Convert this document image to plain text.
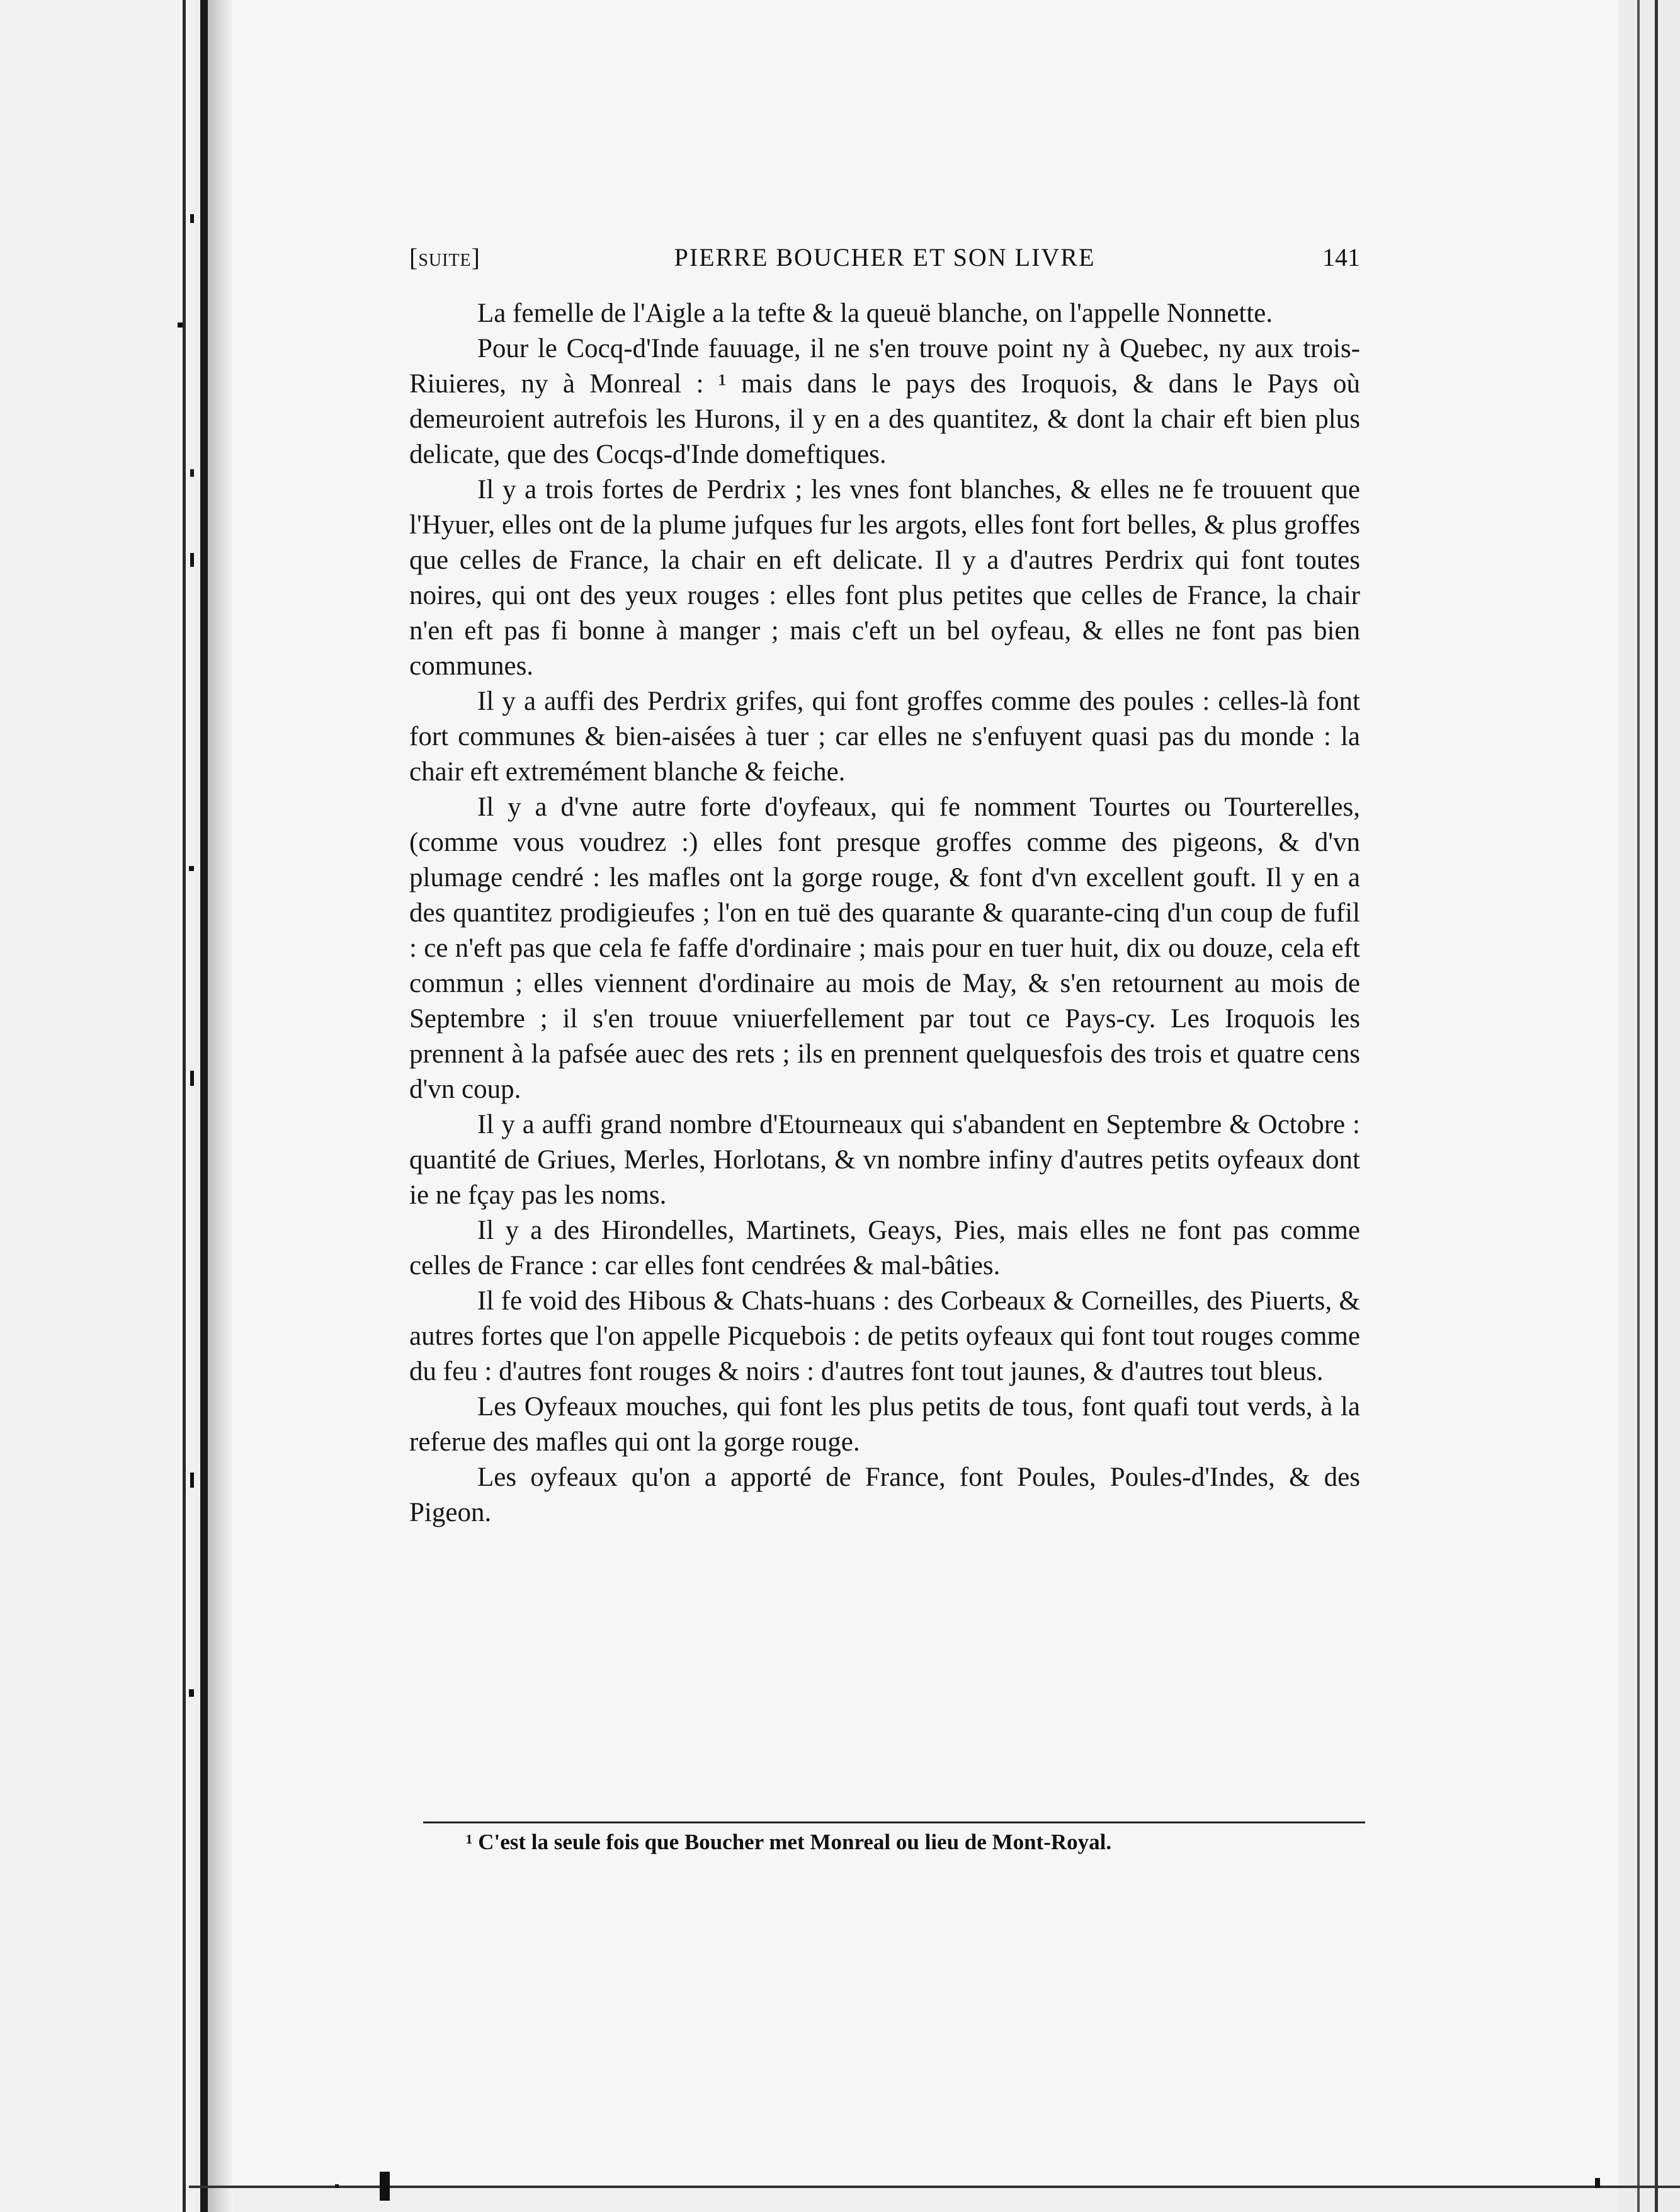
[suite]	PIERRE BOUCHER ET SON LIVRE	141

La femelle de l'Aigle a la tefte & la queuë blanche, on l'appelle Nonnette.

Pour le Cocq-d'Inde fauuage, il ne s'en trouve point ny à Quebec, ny aux trois-Riuieres, ny à Monreal : ¹ mais dans le pays des Iroquois, & dans le Pays où demeuroient autrefois les Hurons, il y en a des quantitez, & dont la chair eft bien plus delicate, que des Cocqs-d'Inde domeftiques.

Il y a trois fortes de Perdrix ; les vnes font blanches, & elles ne fe trouuent que l'Hyuer, elles ont de la plume jufques fur les argots, elles font fort belles, & plus groffes que celles de France, la chair en eft delicate. Il y a d'autres Perdrix qui font toutes noires, qui ont des yeux rouges : elles font plus petites que celles de France, la chair n'en eft pas fi bonne à manger ; mais c'eft un bel oyfeau, & elles ne font pas bien communes.

Il y a auffi des Perdrix grifes, qui font groffes comme des poules : celles-là font fort communes & bien-aisées à tuer ; car elles ne s'enfuyent quasi pas du monde : la chair eft extremément blanche & feiche.

Il y a d'vne autre forte d'oyfeaux, qui fe nomment Tourtes ou Tourterelles, (comme vous voudrez :) elles font presque groffes comme des pigeons, & d'vn plumage cendré : les mafles ont la gorge rouge, & font d'vn excellent gouft. Il y en a des quantitez prodigieufes ; l'on en tuë des quarante & quarante-cinq d'un coup de fufil : ce n'eft pas que cela fe faffe d'ordinaire ; mais pour en tuer huit, dix ou douze, cela eft commun ; elles viennent d'ordinaire au mois de May, & s'en retournent au mois de Septembre ; il s'en trouue vniuerfellement par tout ce Pays-cy. Les Iroquois les prennent à la pafsée auec des rets ; ils en prennent quelquesfois des trois et quatre cens d'vn coup.

Il y a auffi grand nombre d'Etourneaux qui s'abandent en Septembre & Octobre : quantité de Griues, Merles, Horlotans, & vn nombre infiny d'autres petits oyfeaux dont ie ne fçay pas les noms.

Il y a des Hirondelles, Martinets, Geays, Pies, mais elles ne font pas comme celles de France : car elles font cendrées & mal-bâties.

Il fe void des Hibous & Chats-huans : des Corbeaux & Corneilles, des Piuerts, & autres fortes que l'on appelle Picquebois : de petits oyfeaux qui font tout rouges comme du feu : d'autres font rouges & noirs : d'autres font tout jaunes, & d'autres tout bleus.

Les Oyfeaux mouches, qui font les plus petits de tous, font quafi tout verds, à la referue des mafles qui ont la gorge rouge.

Les oyfeaux qu'on a apporté de France, font Poules, Poules-d'Indes, & des Pigeon.

¹ C'est la seule fois que Boucher met Monreal ou lieu de Mont-Royal.
